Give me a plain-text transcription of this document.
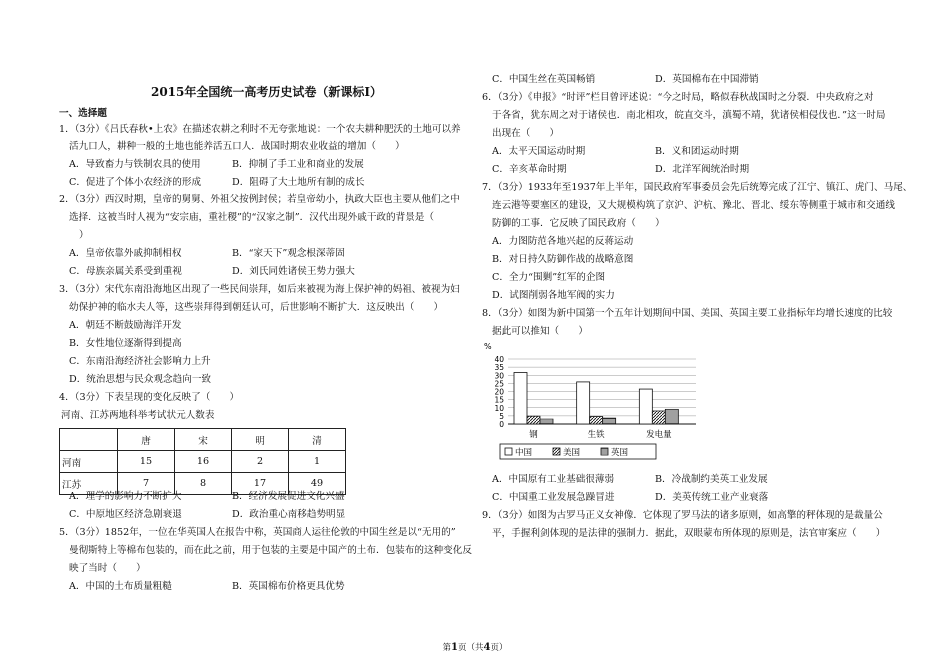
2015年全国统一高考历史试卷（新课标Ⅰ）
一、选择题
1．（3分）《吕氏春秋•上农》在描述农耕之利时不无夸张地说：一个农夫耕种肥沃的土地可以养
活九口人，耕种一般的土地也能养活五口人．战国时期农业收益的增加（　　）
A．导致畜力与铁制农具的使用	B．抑制了手工业和商业的发展
C．促进了个体小农经济的形成	D．阻碍了大土地所有制的成长
2．（3分）西汉时期，皇帝的舅舅、外祖父按例封侯；若皇帝幼小，执政大臣也主要从他们之中
选择．这被当时人视为“安宗庙，重社稷”的“汉家之制”．汉代出现外戚干政的背景是（
）
A．皇帝依靠外戚抑制相权	B．“家天下”观念根深蒂固
C．母族亲属关系受到重视	D．刘氏同姓诸侯王势力强大
3．（3分）宋代东南沿海地区出现了一些民间崇拜，如后来被视为海上保护神的妈祖、被视为妇
幼保护神的临水夫人等，这些崇拜得到朝廷认可，后世影响不断扩大．这反映出（　　）
A．朝廷不断鼓励海洋开发
B．女性地位逐渐得到提高
C．东南沿海经济社会影响力上升
D．统治思想与民众观念趋向一致
4．（3分）下表呈现的变化反映了（　　）
河南、江苏两地科举考试状元人数表
	唐	宋	明	清
河南	15	16	2	1
江苏	7	8	17	49
A．理学的影响力不断扩大	B．经济发展促进文化兴盛
C．中原地区经济急剧衰退	D．政治重心南移趋势明显
5．（3分）1852年，一位在华英国人在报告中称，英国商人运往伦敦的中国生丝是以“无用的”
曼彻斯特上等棉布包装的，而在此之前，用于包装的主要是中国产的土布．包装布的这种变化反
映了当时（　　）
A．中国的土布质量粗糙	B．英国棉布价格更具优势
C．中国生丝在英国畅销	D．英国棉布在中国滞销
6．（3分）《申报》“时评”栏目曾评述说：“今之时局，略似春秋战国时之分裂．中央政府之对
于各省，犹东周之对于诸侯也．南北相攻，皖直交斗，滇蜀不靖，犹诸侯相侵伐也．”这一时局
出现在（　　）
A．太平天国运动时期	B．义和团运动时期
C．辛亥革命时期	D．北洋军阀统治时期
7．（3分）1933年至1937年上半年，国民政府军事委员会先后统筹完成了江宁、镇江、虎门、马尾、
连云港等要塞区的建设，又大规模构筑了京沪、沪杭、豫北、晋北、绥东等侧重于城市和交通线
防御的工事．它反映了国民政府（　　）
A．力图防范各地兴起的反蒋运动
B．对日持久防御作战的战略意图
C．全力“围剿”红军的企图
D．试图削弱各地军阀的实力
8．（3分）如图为新中国第一个五年计划期间中国、美国、英国主要工业指标年均增长速度的比较
据此可以推知（　　）
%
40
35
30
25
20
15
10
5
0
钢	生铁	发电量
中国	美国	英国
A．中国原有工业基础很薄弱	B．冷战制约美英工业发展
C．中国重工业发展急躁冒进	D．美英传统工业产业衰落
9．（3分）如图为古罗马正义女神像．它体现了罗马法的诸多原则，如高擎的秤体现的是裁量公
平，手握利剑体现的是法律的强制力．据此，双眼蒙布所体现的原则是，法官审案应（　　）
第1页（共4页）
